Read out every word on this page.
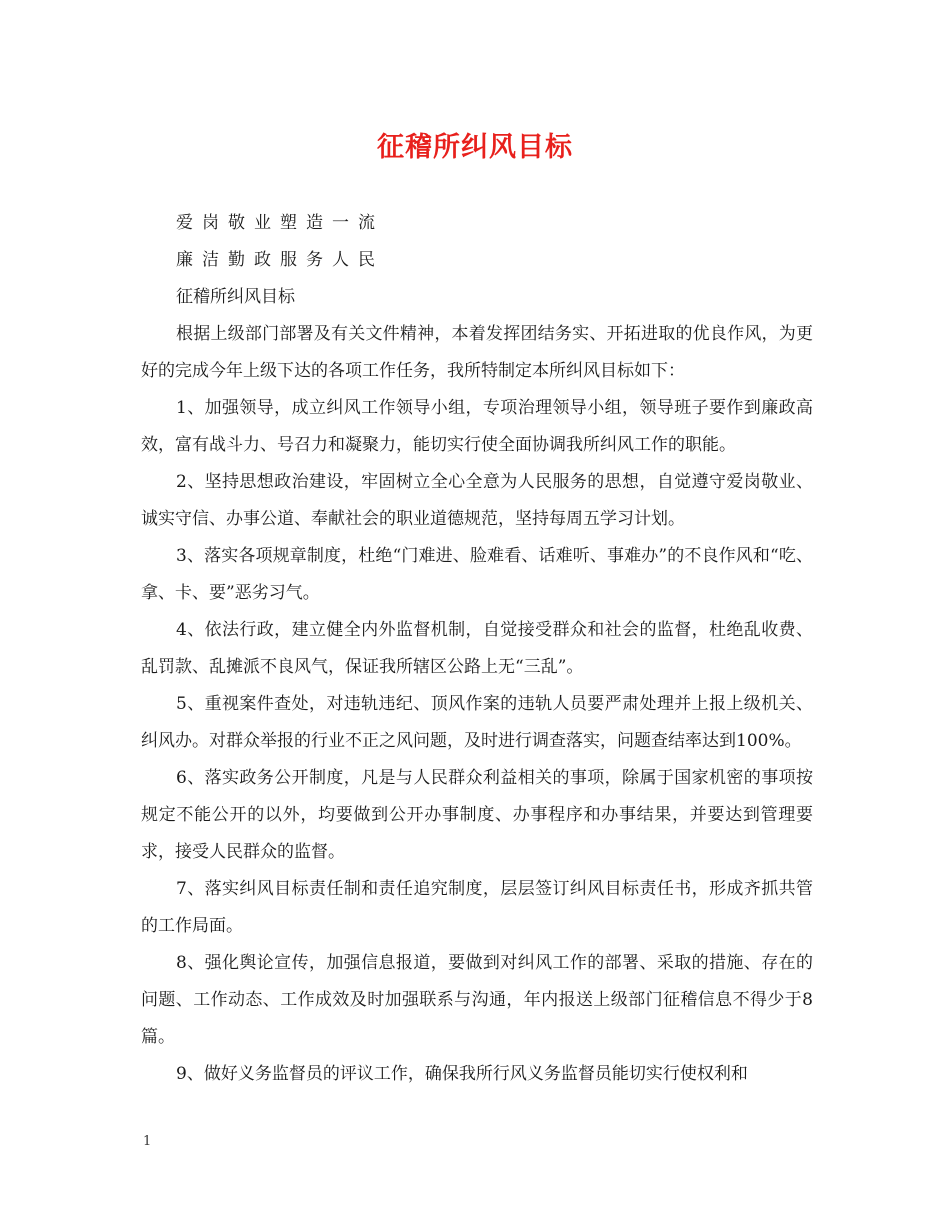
征稽所纠风目标

爱岗敬业塑造一流

廉洁勤政服务人民

征稽所纠风目标

根据上级部门部署及有关文件精神，本着发挥团结务实、开拓进取的优良作风，为更好的完成今年上级下达的各项工作任务，我所特制定本所纠风目标如下：

1、加强领导，成立纠风工作领导小组，专项治理领导小组，领导班子要作到廉政高效，富有战斗力、号召力和凝聚力，能切实行使全面协调我所纠风工作的职能。

2、坚持思想政治建设，牢固树立全心全意为人民服务的思想，自觉遵守爱岗敬业、诚实守信、办事公道、奉献社会的职业道德规范，坚持每周五学习计划。

3、落实各项规章制度，杜绝“门难进、脸难看、话难听、事难办”的不良作风和“吃、拿、卡、要”恶劣习气。

4、依法行政，建立健全内外监督机制，自觉接受群众和社会的监督，杜绝乱收费、乱罚款、乱摊派不良风气，保证我所辖区公路上无“三乱”。

5、重视案件查处，对违轨违纪、顶风作案的违轨人员要严肃处理并上报上级机关、纠风办。对群众举报的行业不正之风问题，及时进行调查落实，问题查结率达到100%。

6、落实政务公开制度，凡是与人民群众利益相关的事项，除属于国家机密的事项按规定不能公开的以外，均要做到公开办事制度、办事程序和办事结果，并要达到管理要求，接受人民群众的监督。

7、落实纠风目标责任制和责任追究制度，层层签订纠风目标责任书，形成齐抓共管的工作局面。

8、强化舆论宣传，加强信息报道，要做到对纠风工作的部署、采取的措施、存在的问题、工作动态、工作成效及时加强联系与沟通，年内报送上级部门征稽信息不得少于8篇。

9、做好义务监督员的评议工作，确保我所行风义务监督员能切实行使权利和

1
